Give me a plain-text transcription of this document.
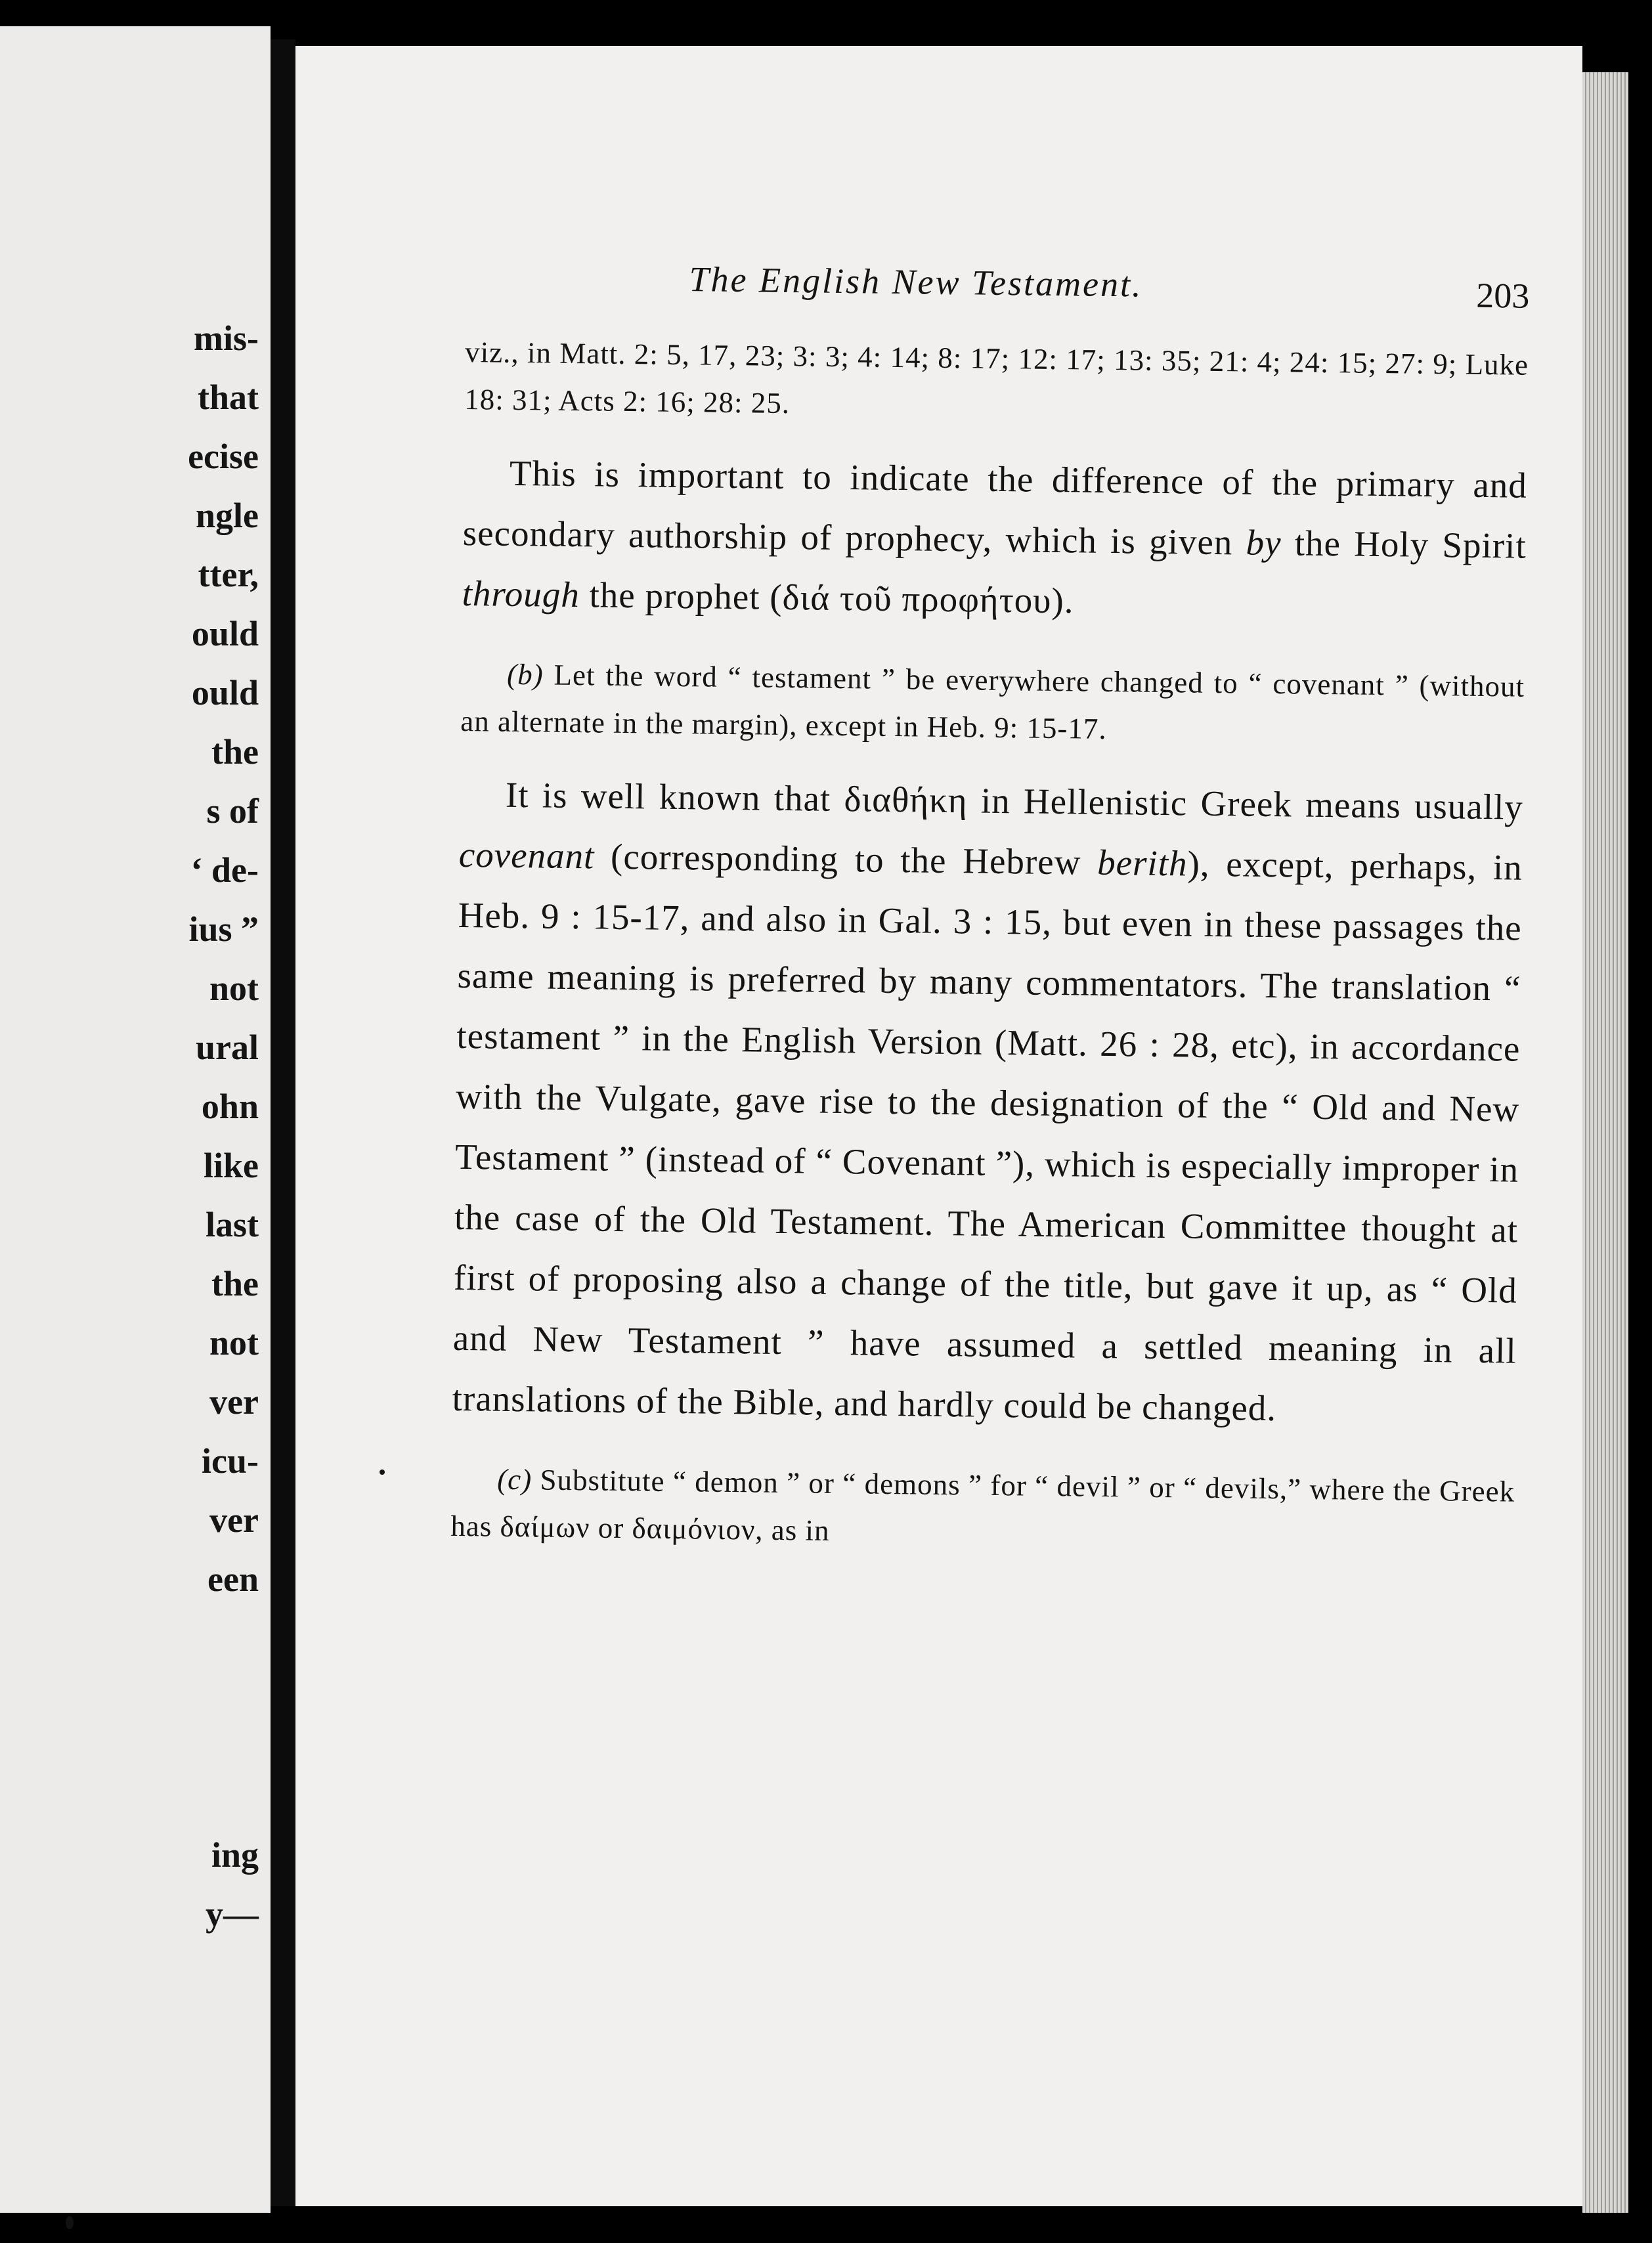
mis-
that
ecise
ngle
tter,
ould
ould
the
s of
‘ de-
ius ”
not
ural
ohn
like
last
the
not
ver
icu-
ver
een
ing
y—
The English New Testament.	203

viz., in Matt. 2: 5, 17, 23; 3: 3; 4: 14; 8: 17; 12: 17; 13: 35; 21: 4; 24: 15; 27: 9; Luke 18: 31; Acts 2: 16; 28: 25.

This is important to indicate the difference of the primary and secondary authorship of prophecy, which is given by the Holy Spirit through the prophet (διά τοῦ προφήτου).

(b) Let the word “ testament ” be everywhere changed to “ covenant ” (without an alternate in the margin), except in Heb. 9: 15-17.

It is well known that διαθήκη in Hellenistic Greek means usually covenant (corresponding to the Hebrew berith), except, perhaps, in Heb. 9 : 15-17, and also in Gal. 3 : 15, but even in these passages the same meaning is preferred by many commentators. The translation “ testament ” in the English Version (Matt. 26 : 28, etc), in accordance with the Vulgate, gave rise to the designation of the “ Old and New Testament ” (instead of “ Covenant ”), which is especially improper in the case of the Old Testament. The American Committee thought at first of proposing also a change of the title, but gave it up, as “ Old and New Testament ” have assumed a settled meaning in all translations of the Bible, and hardly could be changed.

(c) Substitute “ demon ” or “ demons ” for “ devil ” or “ devils,” where the Greek has δαίμων or δαιμόνιον, as in
